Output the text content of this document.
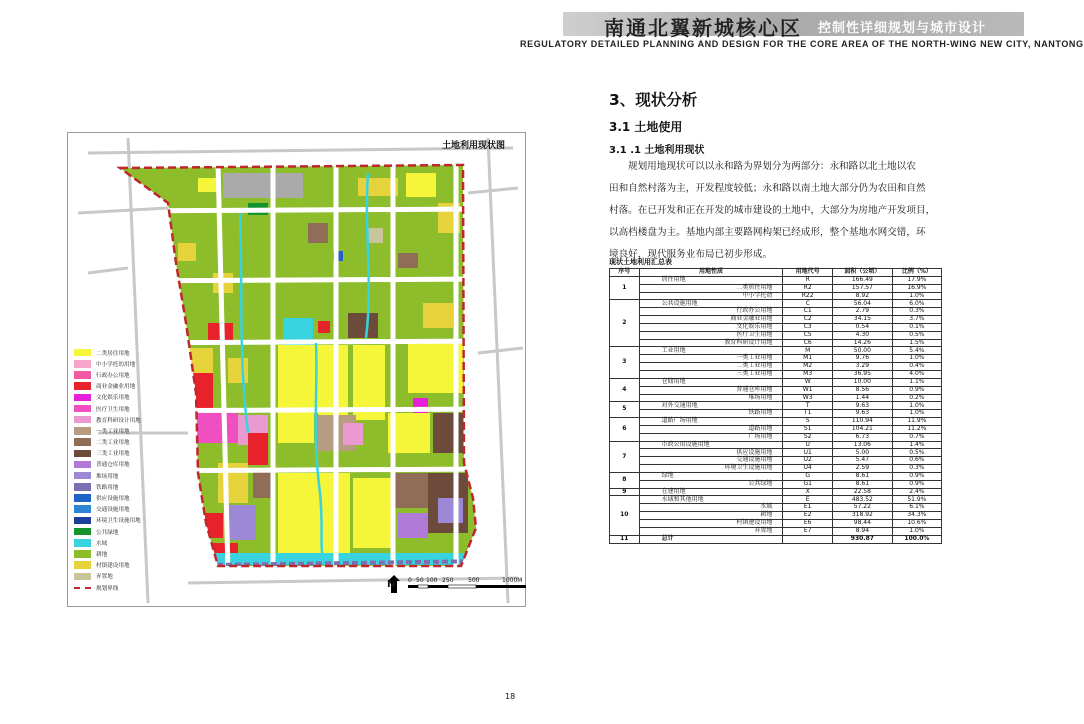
南通北翼新城核心区 控制性详细规划与城市设计
REGULATORY DETAILED PLANNING AND DESIGN FOR THE CORE AREA OF THE NORTH-WING NEW CITY, NANTONG
土地利用现状图
N 0 50 100 250 500	1000M
二类居住用地
中小学托幼用地
行政办公用地
商业金融业用地
文化娱乐用地
医疗卫生用地
教育科研设计用地
一类工业用地
二类工业用地
三类工业用地
普通仓库用地
堆场用地
铁路用地
供应设施用地
交通设施用地
环境卫生设施用地
公共绿地
水域
耕地
村镇建设用地
弃置地
规划界线
3、现状分析
3.1 土地使用
3.1 .1 土地利用现状
规划用地现状可以以永和路为界划分为两部分：永和路以北土地以农
田和自然村落为主，开发程度较低；永和路以南土地大部分仍为农田和自然
村落。在已开发和正在开发的城市建设的土地中，大部分为房地产开发项目，
以高档楼盘为主。基地内部主要路网构架已经成形，整个基地水网交错，环
境良好，现代服务业布局已初步形成。
现状土地利用汇总表
序号	用地性质	用地代号	面积（公顷）	比例（%）
1	居住用地	R	166.49	17.9%
	二类居住用地	R2	157.57	16.9%
	中小学托幼	R22	8.92	1.0%
2	公共设施用地	C	56.04	6.0%
	行政办公用地	C1	2.79	0.3%
	商业金融业用地	C2	34.15	3.7%
	文化娱乐用地	C3	0.54	0.1%
	医疗卫生用地	C5	4.30	0.5%
	教育科研设计用地	C6	14.26	1.5%
3	工业用地	M	50.00	5.4%
	一类工业用地	M1	9.76	1.0%
	二类工业用地	M2	3.29	0.4%
	三类工业用地	M3	36.95	4.0%
4	仓储用地	W	10.00	1.1%
	普通仓库用地	W1	8.56	0.9%
	堆场用地	W3	1.44	0.2%
5	对外交通用地	T	9.63	1.0%
	铁路用地	T1	9.63	1.0%
6	道路广场用地	S	110.94	11.9%
	道路用地	S1	104.21	11.2%
	广场用地	S2	6.73	0.7%
7	市政公用设施用地	U	13.06	1.4%
	供应设施用地	U1	5.00	0.5%
	交通设施用地	U2	5.47	0.6%
	环境卫生设施用地	U4	2.59	0.3%
8	绿地	G	8.61	0.9%
	公共绿地	G1	8.61	0.9%
9	在建用地	X	22.58	2.4%
10	水域和其他用地	E	483.52	51.9%
	水域	E1	57.22	6.1%
	耕地	E2	318.92	34.3%
	村镇建设用地	E6	98.44	10.6%
	弃置地	E7	8.94	1.0%
11	总计		930.87	100.0%
18
